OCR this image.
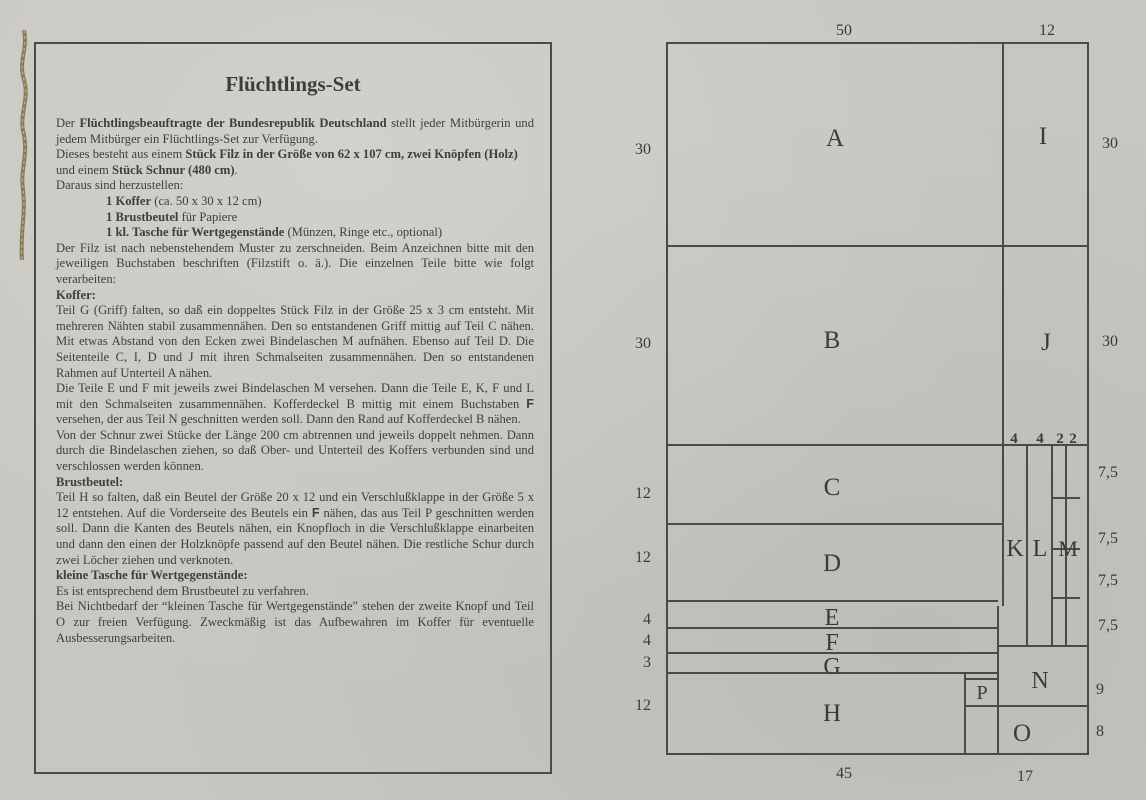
Flüchtlings-Set

Der Flüchtlingsbeauftragte der Bundesrepublik Deutschland stellt jeder Mitbürgerin und jedem Mitbürger ein Flüchtlings-Set zur Verfügung.

Dieses besteht aus einem Stück Filz in der Größe von 62 x 107 cm, zwei Knöpfen (Holz) und einem Stück Schnur (480 cm).

Daraus sind herzustellen:

1 Koffer (ca. 50 x 30 x 12 cm)

1 Brustbeutel für Papiere

1 kl. Tasche für Wertgegenstände (Münzen, Ringe etc., optional)

Der Filz ist nach nebenstehendem Muster zu zerschneiden. Beim Anzeichnen bitte mit den jeweiligen Buchstaben beschriften (Filzstift o. ä.). Die einzelnen Teile bitte wie folgt verarbeiten:

Koffer:

Teil G (Griff) falten, so daß ein doppeltes Stück Filz in der Größe 25 x 3 cm entsteht. Mit mehreren Nähten stabil zusammennähen. Den so entstandenen Griff mittig auf Teil C nähen. Mit etwas Abstand von den Ecken zwei Bindelaschen M aufnähen. Ebenso auf Teil D. Die Seitenteile C, I, D und J mit ihren Schmalseiten zusammennähen. Den so entstandenen Rahmen auf Unterteil A nähen.

Die Teile E und F mit jeweils zwei Bindelaschen M versehen. Dann die Teile E, K, F und L mit den Schmalseiten zusammennähen. Kofferdeckel B mittig mit einem Buchstaben F versehen, der aus Teil N geschnitten werden soll. Dann den Rand auf Kofferdeckel B nähen.

Von der Schnur zwei Stücke der Länge 200 cm abtrennen und jeweils doppelt nehmen. Dann durch die Bindelaschen ziehen, so daß Ober- und Unterteil des Koffers verbunden sind und verschlossen werden können.

Brustbeutel:

Teil H so falten, daß ein Beutel der Größe 20 x 12 und ein Verschlußklappe in der Größe 5 x 12 entstehen. Auf die Vorderseite des Beutels ein F nähen, das aus Teil P geschnitten werden soll. Dann die Kanten des Beutels nähen, ein Knopfloch in die Verschlußklappe einarbeiten und dann den einen der Holzknöpfe passend auf den Beutel nähen. Die restliche Schur durch zwei Löcher ziehen und verknoten.

kleine Tasche für Wertgegenstände:

Es ist entsprechend dem Brustbeutel zu verfahren.

Bei Nichtbedarf der “kleinen Tasche für Wertgegenstände” stehen der zweite Knopf und Teil O zur freien Verfügung. Zweckmäßig ist das Aufbewahren im Koffer für eventuelle Ausbesserungsarbeiten.

A	I
B	J
C
D
E
F
G
H
K L M
N
P
O
50	12
45	17
30
30
12
12
4
4
3
12
30
30
7,5
7,5
7,5
7,5
9
8
4 4 2 2
